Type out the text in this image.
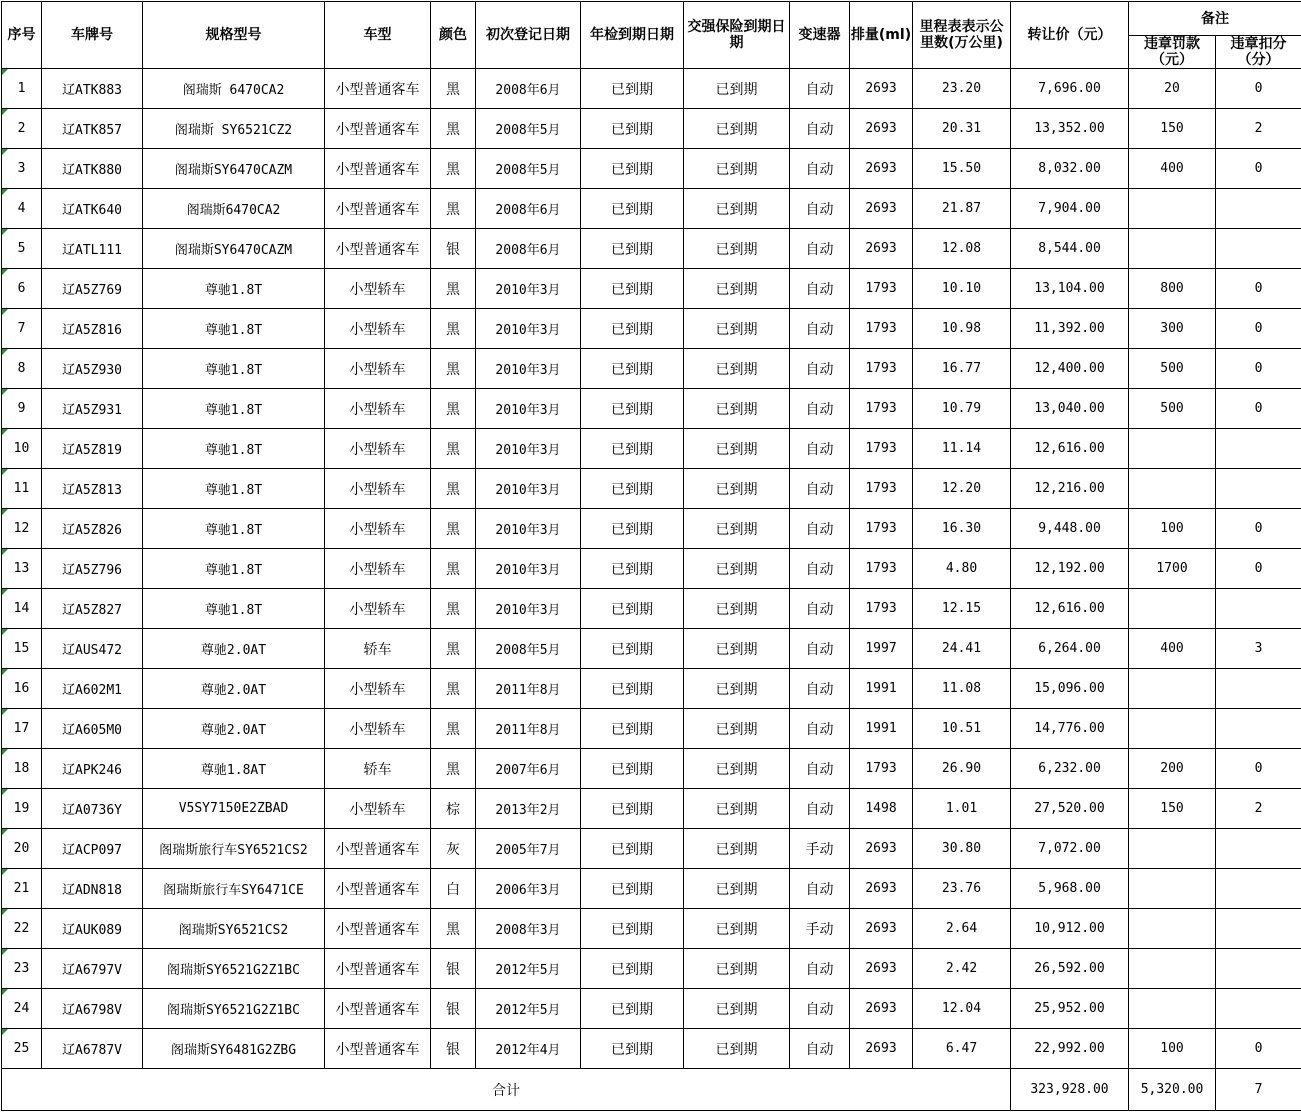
序号	车牌号	规格型号	车型	颜色	初次登记日期	年检到期日期	交强保险到期日期	变速器	排量(ml)	里程表表示公里数(万公里)	转让价（元）	备注	
												违章罚款（元）	违章扣分（分）
1	辽ATK883	阁瑞斯 6470CA2	小型普通客车	黑	2008年6月	已到期	已到期	自动	2693	23.20	7,696.00	20	0
2	辽ATK857	阁瑞斯 SY6521CZ2	小型普通客车	黑	2008年5月	已到期	已到期	自动	2693	20.31	13,352.00	150	2
3	辽ATK880	阁瑞斯SY6470CAZM	小型普通客车	黑	2008年5月	已到期	已到期	自动	2693	15.50	8,032.00	400	0
4	辽ATK640	阁瑞斯6470CA2	小型普通客车	黑	2008年6月	已到期	已到期	自动	2693	21.87	7,904.00		
5	辽ATL111	阁瑞斯SY6470CAZM	小型普通客车	银	2008年6月	已到期	已到期	自动	2693	12.08	8,544.00		
6	辽A5Z769	尊驰1.8T	小型轿车	黑	2010年3月	已到期	已到期	自动	1793	10.10	13,104.00	800	0
7	辽A5Z816	尊驰1.8T	小型轿车	黑	2010年3月	已到期	已到期	自动	1793	10.98	11,392.00	300	0
8	辽A5Z930	尊驰1.8T	小型轿车	黑	2010年3月	已到期	已到期	自动	1793	16.77	12,400.00	500	0
9	辽A5Z931	尊驰1.8T	小型轿车	黑	2010年3月	已到期	已到期	自动	1793	10.79	13,040.00	500	0
10	辽A5Z819	尊驰1.8T	小型轿车	黑	2010年3月	已到期	已到期	自动	1793	11.14	12,616.00		
11	辽A5Z813	尊驰1.8T	小型轿车	黑	2010年3月	已到期	已到期	自动	1793	12.20	12,216.00		
12	辽A5Z826	尊驰1.8T	小型轿车	黑	2010年3月	已到期	已到期	自动	1793	16.30	9,448.00	100	0
13	辽A5Z796	尊驰1.8T	小型轿车	黑	2010年3月	已到期	已到期	自动	1793	4.80	12,192.00	1700	0
14	辽A5Z827	尊驰1.8T	小型轿车	黑	2010年3月	已到期	已到期	自动	1793	12.15	12,616.00		
15	辽AUS472	尊驰2.0AT	轿车	黑	2008年5月	已到期	已到期	自动	1997	24.41	6,264.00	400	3
16	辽A602M1	尊驰2.0AT	小型轿车	黑	2011年8月	已到期	已到期	自动	1991	11.08	15,096.00		
17	辽A605M0	尊驰2.0AT	小型轿车	黑	2011年8月	已到期	已到期	自动	1991	10.51	14,776.00		
18	辽APK246	尊驰1.8AT	轿车	黑	2007年6月	已到期	已到期	自动	1793	26.90	6,232.00	200	0
19	辽A0736Y	V5SY7150E2ZBAD	小型轿车	棕	2013年2月	已到期	已到期	自动	1498	1.01	27,520.00	150	2
20	辽ACP097	阁瑞斯旅行车SY6521CS2	小型普通客车	灰	2005年7月	已到期	已到期	手动	2693	30.80	7,072.00		
21	辽ADN818	阁瑞斯旅行车SY6471CE	小型普通客车	白	2006年3月	已到期	已到期	自动	2693	23.76	5,968.00		
22	辽AUK089	阁瑞斯SY6521CS2	小型普通客车	黑	2008年3月	已到期	已到期	手动	2693	2.64	10,912.00		
23	辽A6797V	阁瑞斯SY6521G2Z1BC	小型普通客车	银	2012年5月	已到期	已到期	自动	2693	2.42	26,592.00		
24	辽A6798V	阁瑞斯SY6521G2Z1BC	小型普通客车	银	2012年5月	已到期	已到期	自动	2693	12.04	25,952.00		
25	辽A6787V	阁瑞斯SY6481G2ZBG	小型普通客车	银	2012年4月	已到期	已到期	自动	2693	6.47	22,992.00	100	0
合计											323,928.00	5,320.00	7
